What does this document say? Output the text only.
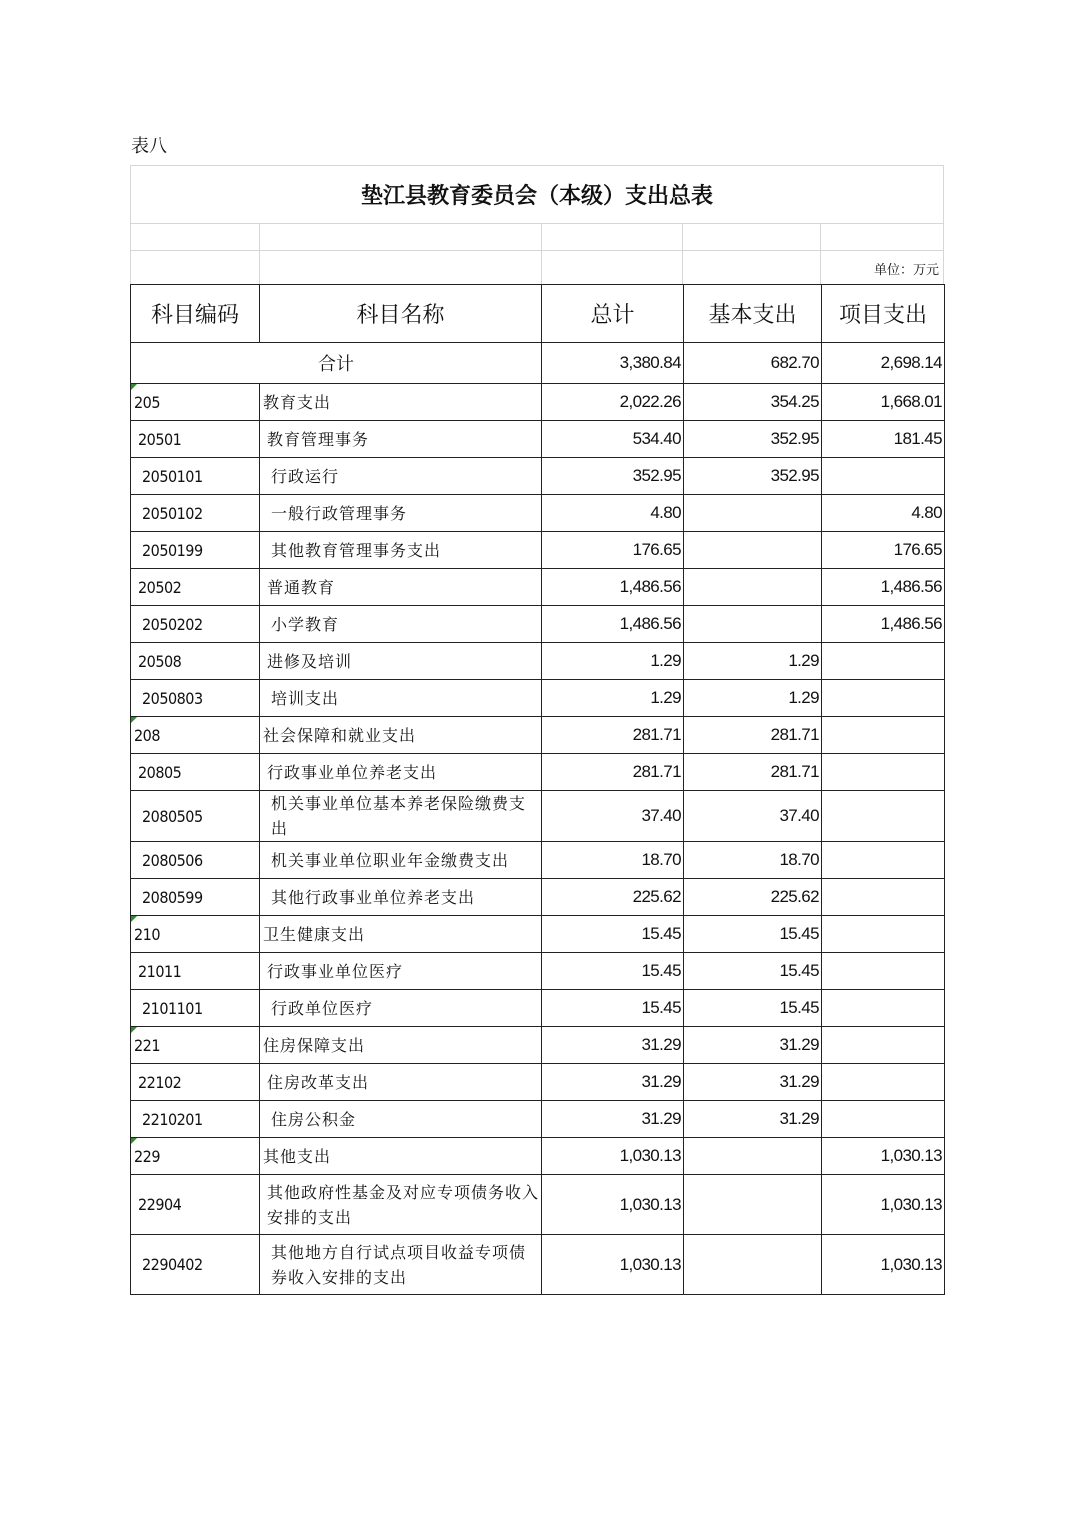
表八
垫江县教育委员会（本级）支出总表
单位：万元
科目编码	科目名称	总计	基本支出	项目支出
合计		3,380.84	682.70	2,698.14
205	教育支出	2,022.26	354.25	1,668.01
20501	教育管理事务	534.40	352.95	181.45
2050101	行政运行	352.95	352.95	
2050102	一般行政管理事务	4.80		4.80
2050199	其他教育管理事务支出	176.65		176.65
20502	普通教育	1,486.56		1,486.56
2050202	小学教育	1,486.56		1,486.56
20508	进修及培训	1.29	1.29	
2050803	培训支出	1.29	1.29	
208	社会保障和就业支出	281.71	281.71	
20805	行政事业单位养老支出	281.71	281.71	
2080505	机关事业单位基本养老保险缴费支出	37.40	37.40	
2080506	机关事业单位职业年金缴费支出	18.70	18.70	
2080599	其他行政事业单位养老支出	225.62	225.62	
210	卫生健康支出	15.45	15.45	
21011	行政事业单位医疗	15.45	15.45	
2101101	行政单位医疗	15.45	15.45	
221	住房保障支出	31.29	31.29	
22102	住房改革支出	31.29	31.29	
2210201	住房公积金	31.29	31.29	
229	其他支出	1,030.13		1,030.13
22904	其他政府性基金及对应专项债务收入安排的支出	1,030.13		1,030.13
2290402	其他地方自行试点项目收益专项债券收入安排的支出	1,030.13		1,030.13
